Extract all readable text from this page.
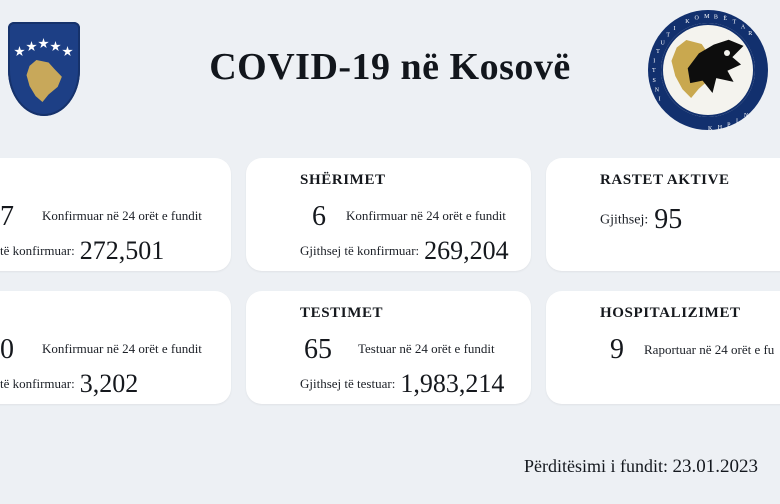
COVID-19 në Kosovë
I
N
S
T
I
T
U
T
I
K
O M B Ë
T
A
R
N
I
P
H
K
7 Konfirmuar në 24 orët e fundit
të konfirmuar: 272,501
SHËRIMET
6 Konfirmuar në 24 orët e fundit
Gjithsej të konfirmuar: 269,204
RASTET AKTIVE
Gjithsej: 95
0 Konfirmuar në 24 orët e fundit
të konfirmuar: 3,202
TESTIMET
65 Testuar në 24 orët e fundit
Gjithsej të testuar: 1,983,214
HOSPITALIZIMET
9 Raportuar në 24 orët e fu
Përditësimi i fundit: 23.01.2023
